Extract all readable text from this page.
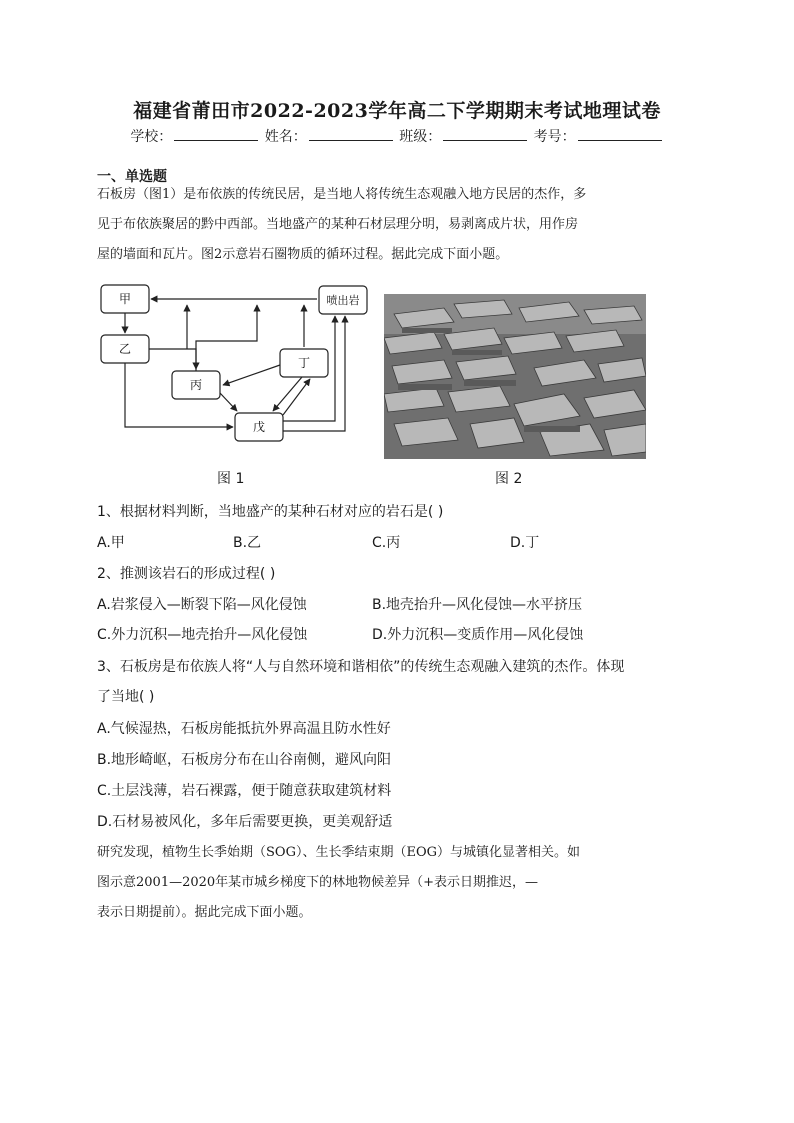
福建省莆田市2022-2023学年高二下学期期末考试地理试卷
学校：	姓名：	班级：	考号：
一、单选题
石板房（图1）是布依族的传统民居，是当地人将传统生态观融入地方民居的杰作，多
见于布依族聚居的黔中西部。当地盛产的某种石材层理分明，易剥离成片状，用作房
屋的墙面和瓦片。图2示意岩石圈物质的循环过程。据此完成下面小题。
甲
乙
丙
丁
戊
喷出岩
图 1	图 2
1、根据材料判断，当地盛产的某种石材对应的岩石是( )
A.甲	B.乙	C.丙	D.丁
2、推测该岩石的形成过程( )
A.岩浆侵入—断裂下陷—风化侵蚀	B.地壳抬升—风化侵蚀—水平挤压
C.外力沉积—地壳抬升—风化侵蚀	D.外力沉积—变质作用—风化侵蚀
3、石板房是布依族人将“人与自然环境和谐相依”的传统生态观融入建筑的杰作。体现
了当地( )
A.气候湿热，石板房能抵抗外界高温且防水性好
B.地形崎岖，石板房分布在山谷南侧，避风向阳
C.土层浅薄，岩石裸露，便于随意获取建筑材料
D.石材易被风化，多年后需要更换，更美观舒适
研究发现，植物生长季始期（SOG）、生长季结束期（EOG）与城镇化显著相关。如
图示意2001—2020年某市城乡梯度下的林地物候差异（+表示日期推迟，—
表示日期提前）。据此完成下面小题。
